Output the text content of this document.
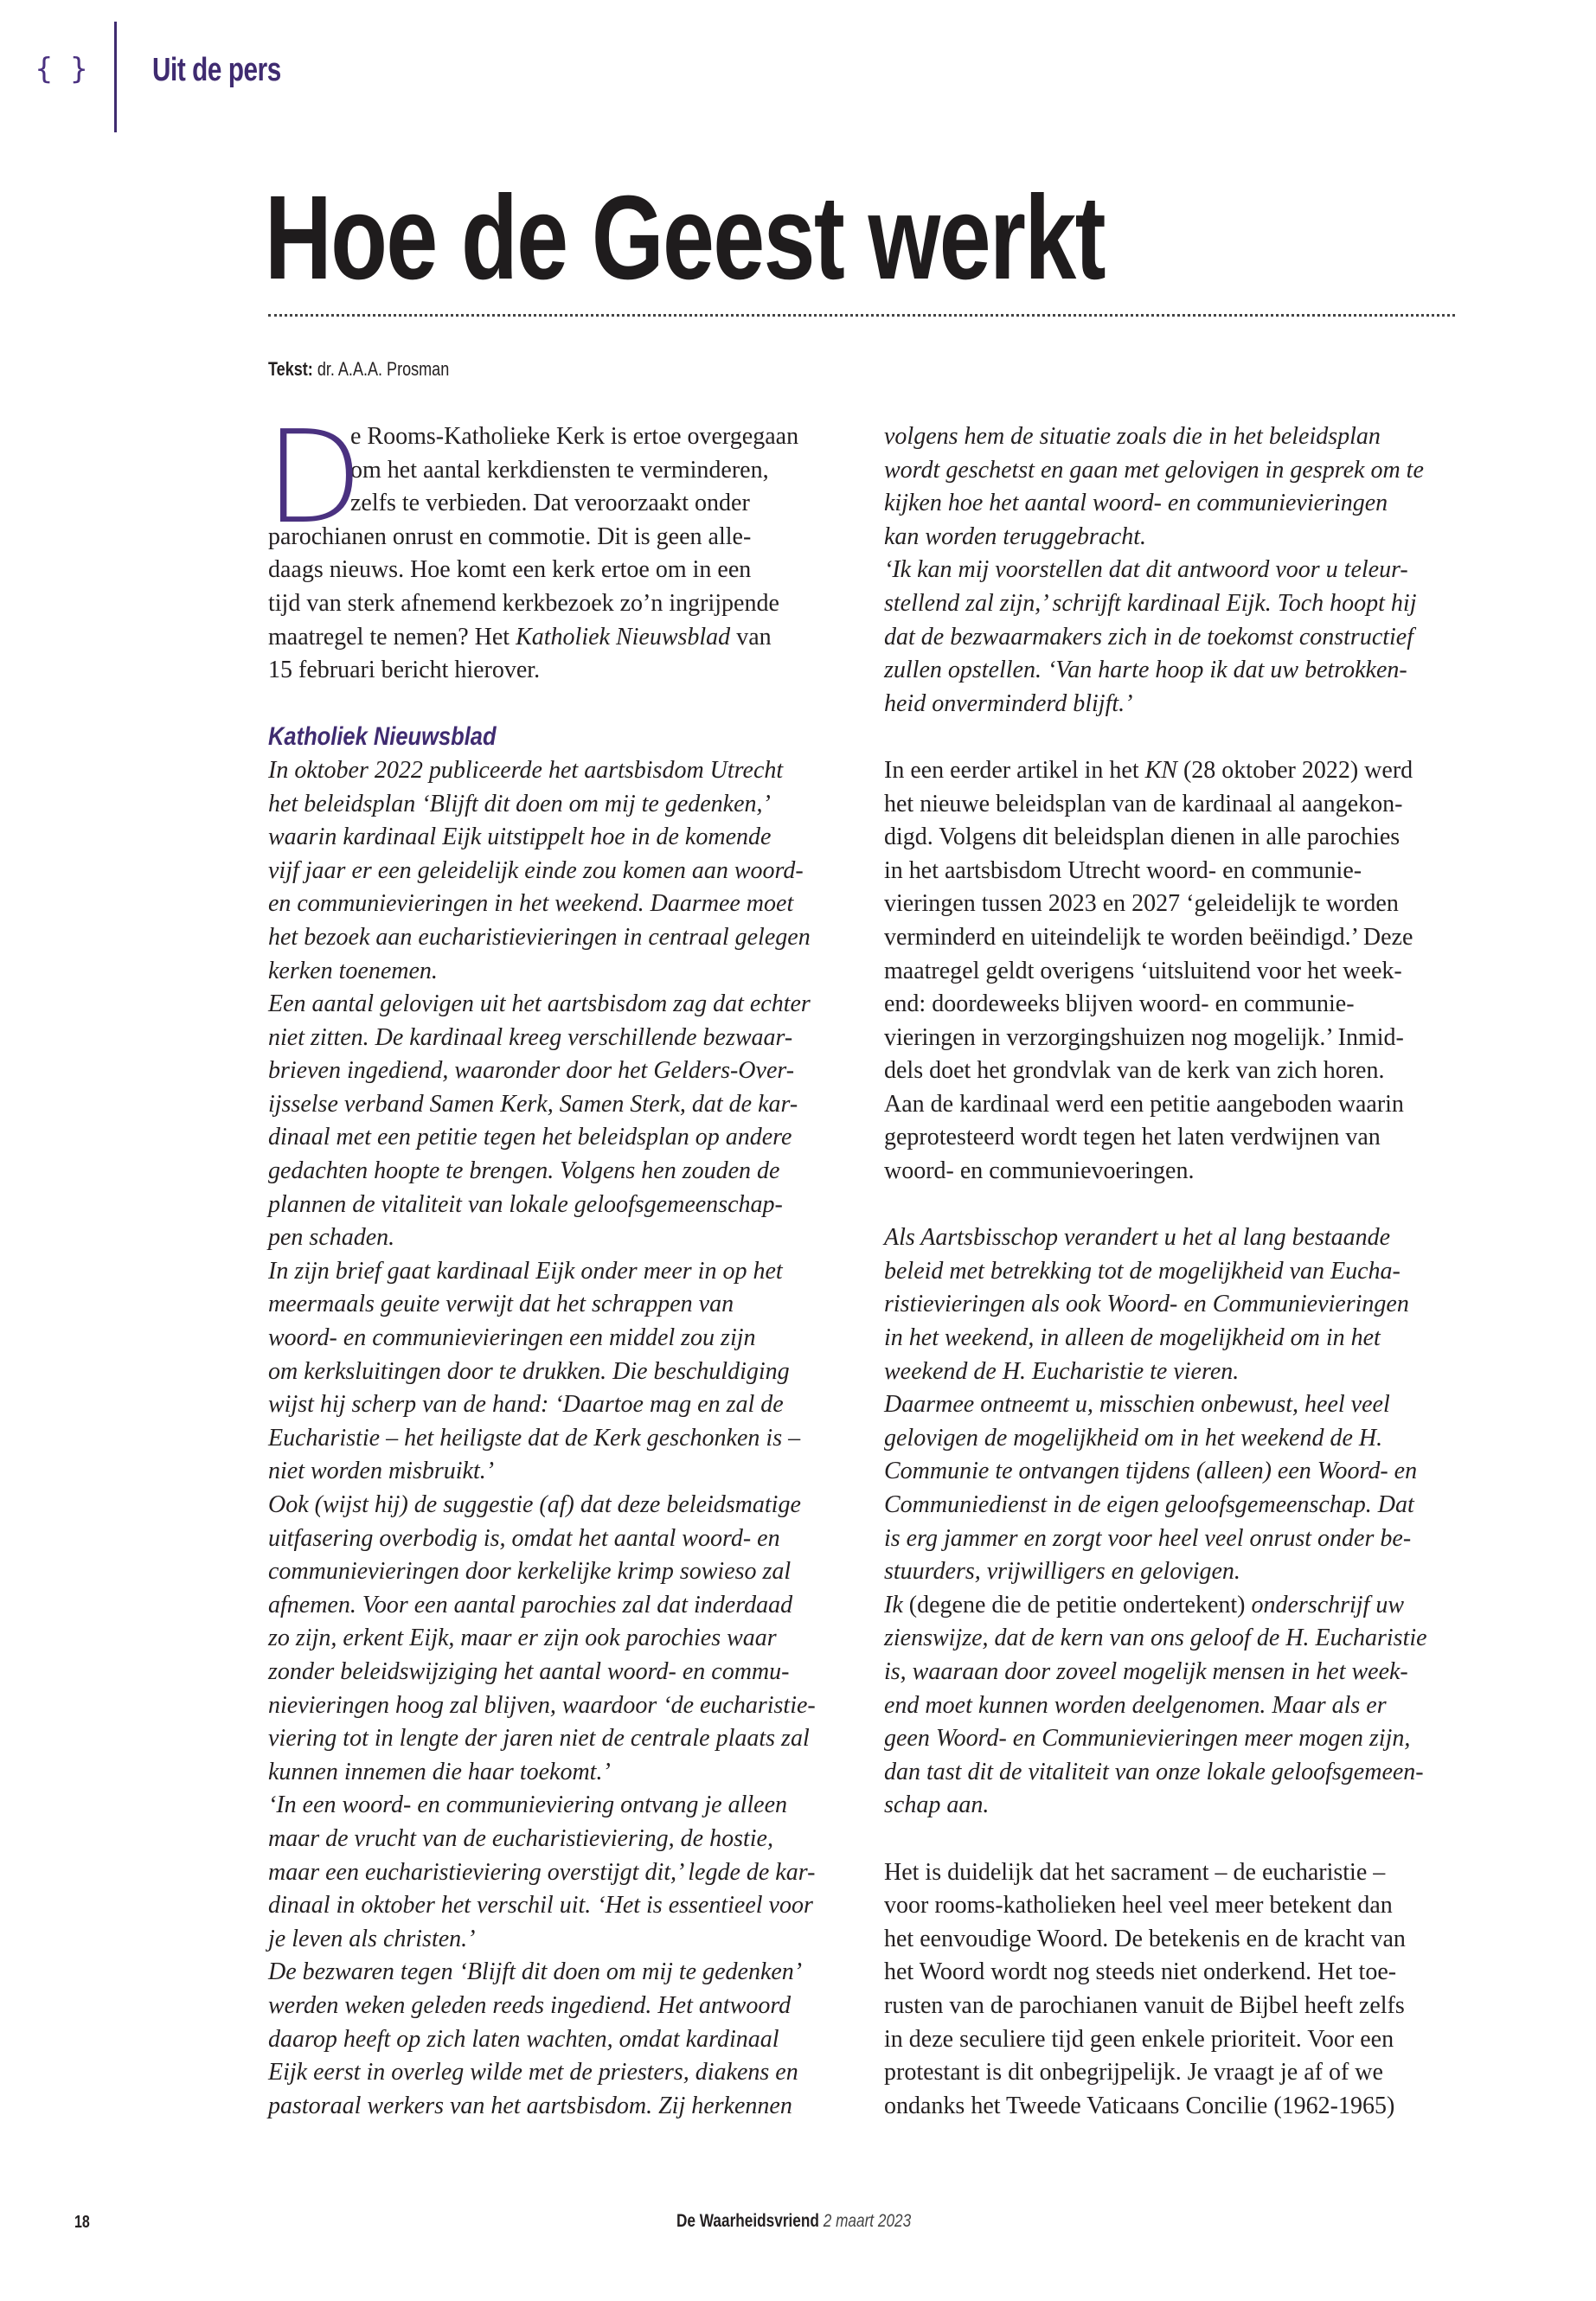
{ } Uit de pers
Hoe de Geest werkt
Tekst: dr. A.A.A. Prosman
D
e Rooms-Katholieke Kerk is ertoe overgegaan
om het aantal kerkdiensten te verminderen,
zelfs te verbieden. Dat veroorzaakt onder
parochianen onrust en commotie. Dit is geen alle-
daags nieuws. Hoe komt een kerk ertoe om in een
tijd van sterk afnemend kerkbezoek zo’n ingrijpende
maatregel te nemen? Het Katholiek Nieuwsblad van
15 februari bericht hierover.
Katholiek Nieuwsblad
In oktober 2022 publiceerde het aartsbisdom Utrecht
het beleidsplan ‘Blijft dit doen om mij te gedenken,’
waarin kardinaal Eijk uitstippelt hoe in de komende
vijf jaar er een geleidelijk einde zou komen aan woord-
en communievieringen in het weekend. Daarmee moet
het bezoek aan eucharistievieringen in centraal gelegen
kerken toenemen.
Een aantal gelovigen uit het aartsbisdom zag dat echter
niet zitten. De kardinaal kreeg verschillende bezwaar-
brieven ingediend, waaronder door het Gelders-Over-
ijsselse verband Samen Kerk, Samen Sterk, dat de kar-
dinaal met een petitie tegen het beleidsplan op andere
gedachten hoopte te brengen. Volgens hen zouden de
plannen de vitaliteit van lokale geloofsgemeenschap-
pen schaden.
In zijn brief gaat kardinaal Eijk onder meer in op het
meermaals geuite verwijt dat het schrappen van
woord- en communievieringen een middel zou zijn
om kerksluitingen door te drukken. Die beschuldiging
wijst hij scherp van de hand: ‘Daartoe mag en zal de
Eucharistie – het heiligste dat de Kerk geschonken is –
niet worden misbruikt.’
Ook (wijst hij) de suggestie (af) dat deze beleidsmatige
uitfasering overbodig is, omdat het aantal woord- en
communievieringen door kerkelijke krimp sowieso zal
afnemen. Voor een aantal parochies zal dat inderdaad
zo zijn, erkent Eijk, maar er zijn ook parochies waar
zonder beleidswijziging het aantal woord- en commu-
nievieringen hoog zal blijven, waardoor ‘de eucharistie-
viering tot in lengte der jaren niet de centrale plaats zal
kunnen innemen die haar toekomt.’
‘In een woord- en communieviering ontvang je alleen
maar de vrucht van de eucharistieviering, de hostie,
maar een eucharistieviering overstijgt dit,’ legde de kar-
dinaal in oktober het verschil uit. ‘Het is essentieel voor
je leven als christen.’
De bezwaren tegen ‘Blijft dit doen om mij te gedenken’
werden weken geleden reeds ingediend. Het antwoord
daarop heeft op zich laten wachten, omdat kardinaal
Eijk eerst in overleg wilde met de priesters, diakens en
pastoraal werkers van het aartsbisdom. Zij herkennen
volgens hem de situatie zoals die in het beleidsplan
wordt geschetst en gaan met gelovigen in gesprek om te
kijken hoe het aantal woord- en communievieringen
kan worden teruggebracht.
‘Ik kan mij voorstellen dat dit antwoord voor u teleur-
stellend zal zijn,’ schrijft kardinaal Eijk. Toch hoopt hij
dat de bezwaarmakers zich in de toekomst constructief
zullen opstellen. ‘Van harte hoop ik dat uw betrokken-
heid onverminderd blijft.’
In een eerder artikel in het KN (28 oktober 2022) werd
het nieuwe beleidsplan van de kardinaal al aangekon-
digd. Volgens dit beleidsplan dienen in alle parochies
in het aartsbisdom Utrecht woord- en communie-
vieringen tussen 2023 en 2027 ‘geleidelijk te worden
verminderd en uiteindelijk te worden beëindigd.’ Deze
maatregel geldt overigens ‘uitsluitend voor het week-
end: doordeweeks blijven woord- en communie-
vieringen in verzorgingshuizen nog mogelijk.’ Inmid-
dels doet het grondvlak van de kerk van zich horen.
Aan de kardinaal werd een petitie aangeboden waarin
geprotesteerd wordt tegen het laten verdwijnen van
woord- en communievoeringen.
Als Aartsbisschop verandert u het al lang bestaande
beleid met betrekking tot de mogelijkheid van Eucha-
ristievieringen als ook Woord- en Communievieringen
in het weekend, in alleen de mogelijkheid om in het
weekend de H. Eucharistie te vieren.
Daarmee ontneemt u, misschien onbewust, heel veel
gelovigen de mogelijkheid om in het weekend de H.
Communie te ontvangen tijdens (alleen) een Woord- en
Communiedienst in de eigen geloofsgemeenschap. Dat
is erg jammer en zorgt voor heel veel onrust onder be-
stuurders, vrijwilligers en gelovigen.
Ik (degene die de petitie ondertekent) onderschrijf uw
zienswijze, dat de kern van ons geloof de H. Eucharistie
is, waaraan door zoveel mogelijk mensen in het week-
end moet kunnen worden deelgenomen. Maar als er
geen Woord- en Communievieringen meer mogen zijn,
dan tast dit de vitaliteit van onze lokale geloofsgemeen-
schap aan.
Het is duidelijk dat het sacrament – de eucharistie –
voor rooms-katholieken heel veel meer betekent dan
het eenvoudige Woord. De betekenis en de kracht van
het Woord wordt nog steeds niet onderkend. Het toe-
rusten van de parochianen vanuit de Bijbel heeft zelfs
in deze seculiere tijd geen enkele prioriteit. Voor een
protestant is dit onbegrijpelijk. Je vraagt je af of we
ondanks het Tweede Vaticaans Concilie (1962-1965)
18	De Waarheidsvriend 2 maart 2023
